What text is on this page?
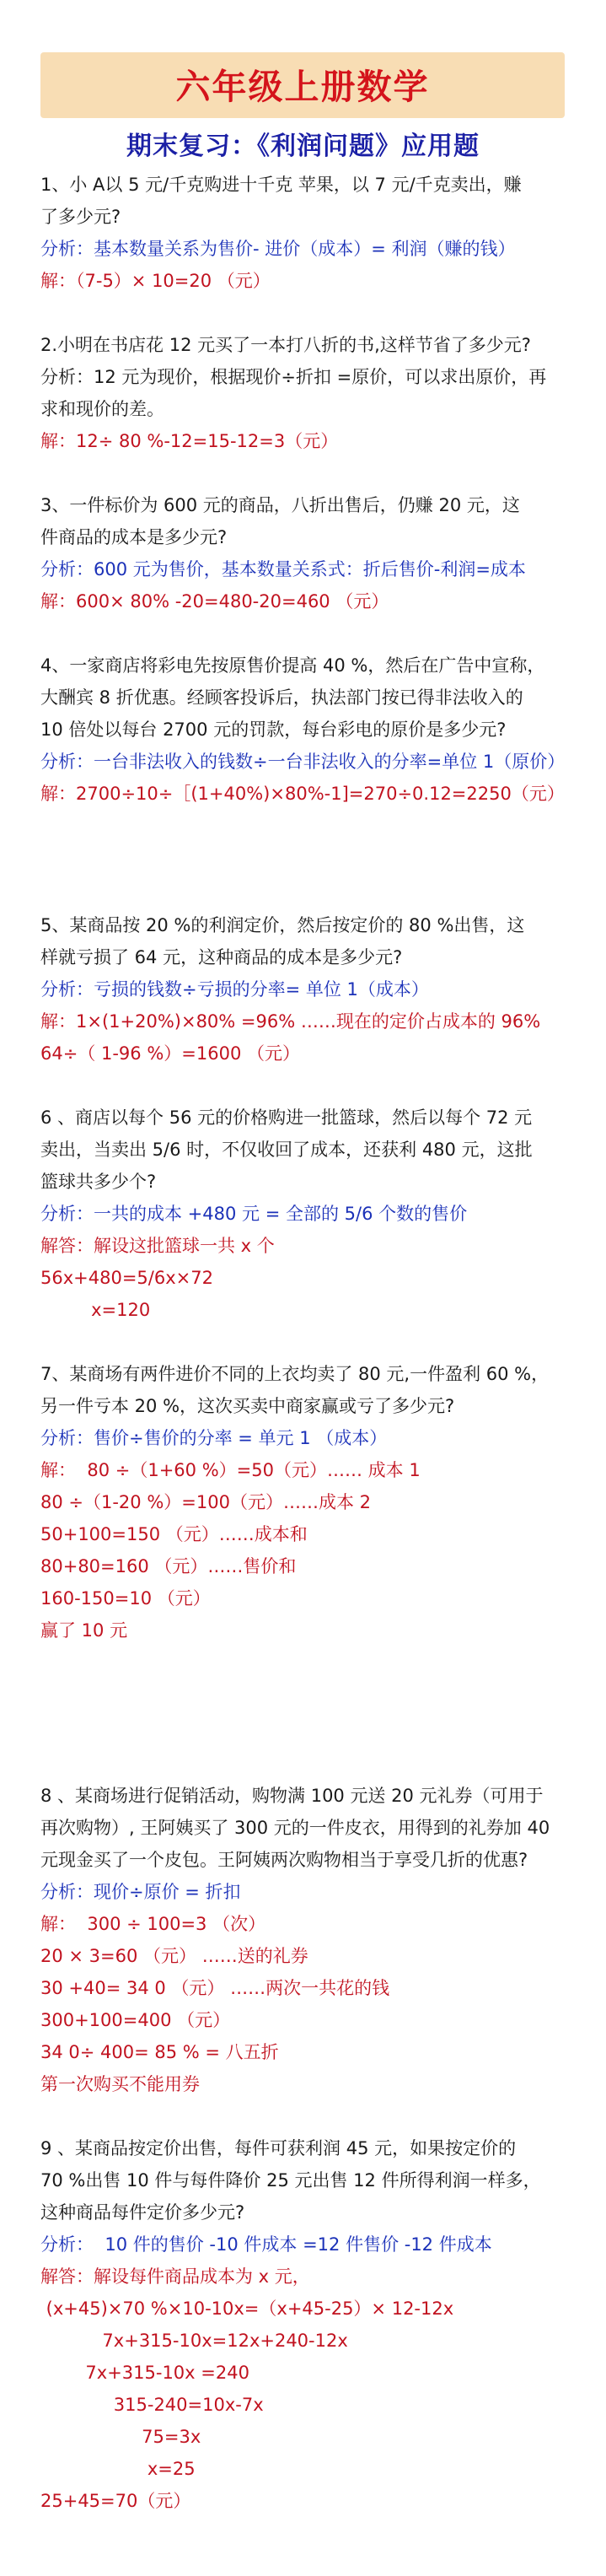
六年级上册数学
期末复习：《利润问题》应用题
1、小 A以 5 元/千克购进十千克 苹果，以 7 元/千克卖出，赚
了多少元?
分析：基本数量关系为售价- 进价（成本）= 利润（赚的钱）
解：（7-5）× 10=20 （元）
2.小明在书店花 12 元买了一本打八折的书,这样节省了多少元?
分析：12 元为现价，根据现价÷折扣 =原价，可以求出原价，再
求和现价的差。
解：12÷ 80 %-12=15-12=3（元）
3、一件标价为 600 元的商品，八折出售后，仍赚 20 元，这
件商品的成本是多少元?
分析：600 元为售价，基本数量关系式：折后售价-利润=成本
解：600× 80% -20=480-20=460 （元）
4、一家商店将彩电先按原售价提高 40 %，然后在广告中宣称，
大酬宾 8 折优惠。经顾客投诉后，执法部门按已得非法收入的
10 倍处以每台 2700 元的罚款，每台彩电的原价是多少元?
分析：一台非法收入的钱数÷一台非法收入的分率=单位 1（原价）
解：2700÷10÷［(1+40%)×80%-1]=270÷0.12=2250（元）
5、某商品按 20 %的利润定价，然后按定价的 80 %出售，这
样就亏损了 64 元，这种商品的成本是多少元?
分析：亏损的钱数÷亏损的分率= 单位 1（成本）
解：1×(1+20%)×80% =96% ……现在的定价占成本的 96%
64÷（ 1-96 %）=1600 （元）
6 、商店以每个 56 元的价格购进一批篮球，然后以每个 72 元
卖出，当卖出 5/6 时，不仅收回了成本，还获利 480 元，这批
篮球共多少个?
分析：一共的成本 +480 元 = 全部的 5/6 个数的售价
解答：解设这批篮球一共 x 个
56x+480=5/6x×72
x=120
7、某商场有两件进价不同的上衣均卖了 80 元,一件盈利 60 %，
另一件亏本 20 %，这次买卖中商家赢或亏了多少元?
分析：售价÷售价的分率 = 单元 1 （成本）
解：  80 ÷（1+60 %）=50（元）…… 成本 1
80 ÷（1-20 %）=100（元）……成本 2
50+100=150 （元）……成本和
80+80=160 （元）……售价和
160-150=10 （元）
赢了 10 元
8 、某商场进行促销活动，购物满 100 元送 20 元礼券（可用于
再次购物）, 王阿姨买了 300 元的一件皮衣，用得到的礼券加 40
元现金买了一个皮包。王阿姨两次购物相当于享受几折的优惠?
分析：现价÷原价 = 折扣
解：  300 ÷ 100=3 （次）
20 × 3=60 （元） ……送的礼券
30 +40= 34 0 （元） ……两次一共花的钱
300+100=400 （元）
34 0÷ 400= 85 % = 八五折
第一次购买不能用券
9 、某商品按定价出售，每件可获利润 45 元，如果按定价的
70 %出售 10 件与每件降价 25 元出售 12 件所得利润一样多，
这种商品每件定价多少元?
分析：  10 件的售价 -10 件成本 =12 件售价 -12 件成本
解答：解设每件商品成本为 x 元，
(x+45)×70 %×10-10x=（x+45-25）× 12-12x
7x+315-10x=12x+240-12x
7x+315-10x =240
315-240=10x-7x
75=3x
x=25
25+45=70（元）
